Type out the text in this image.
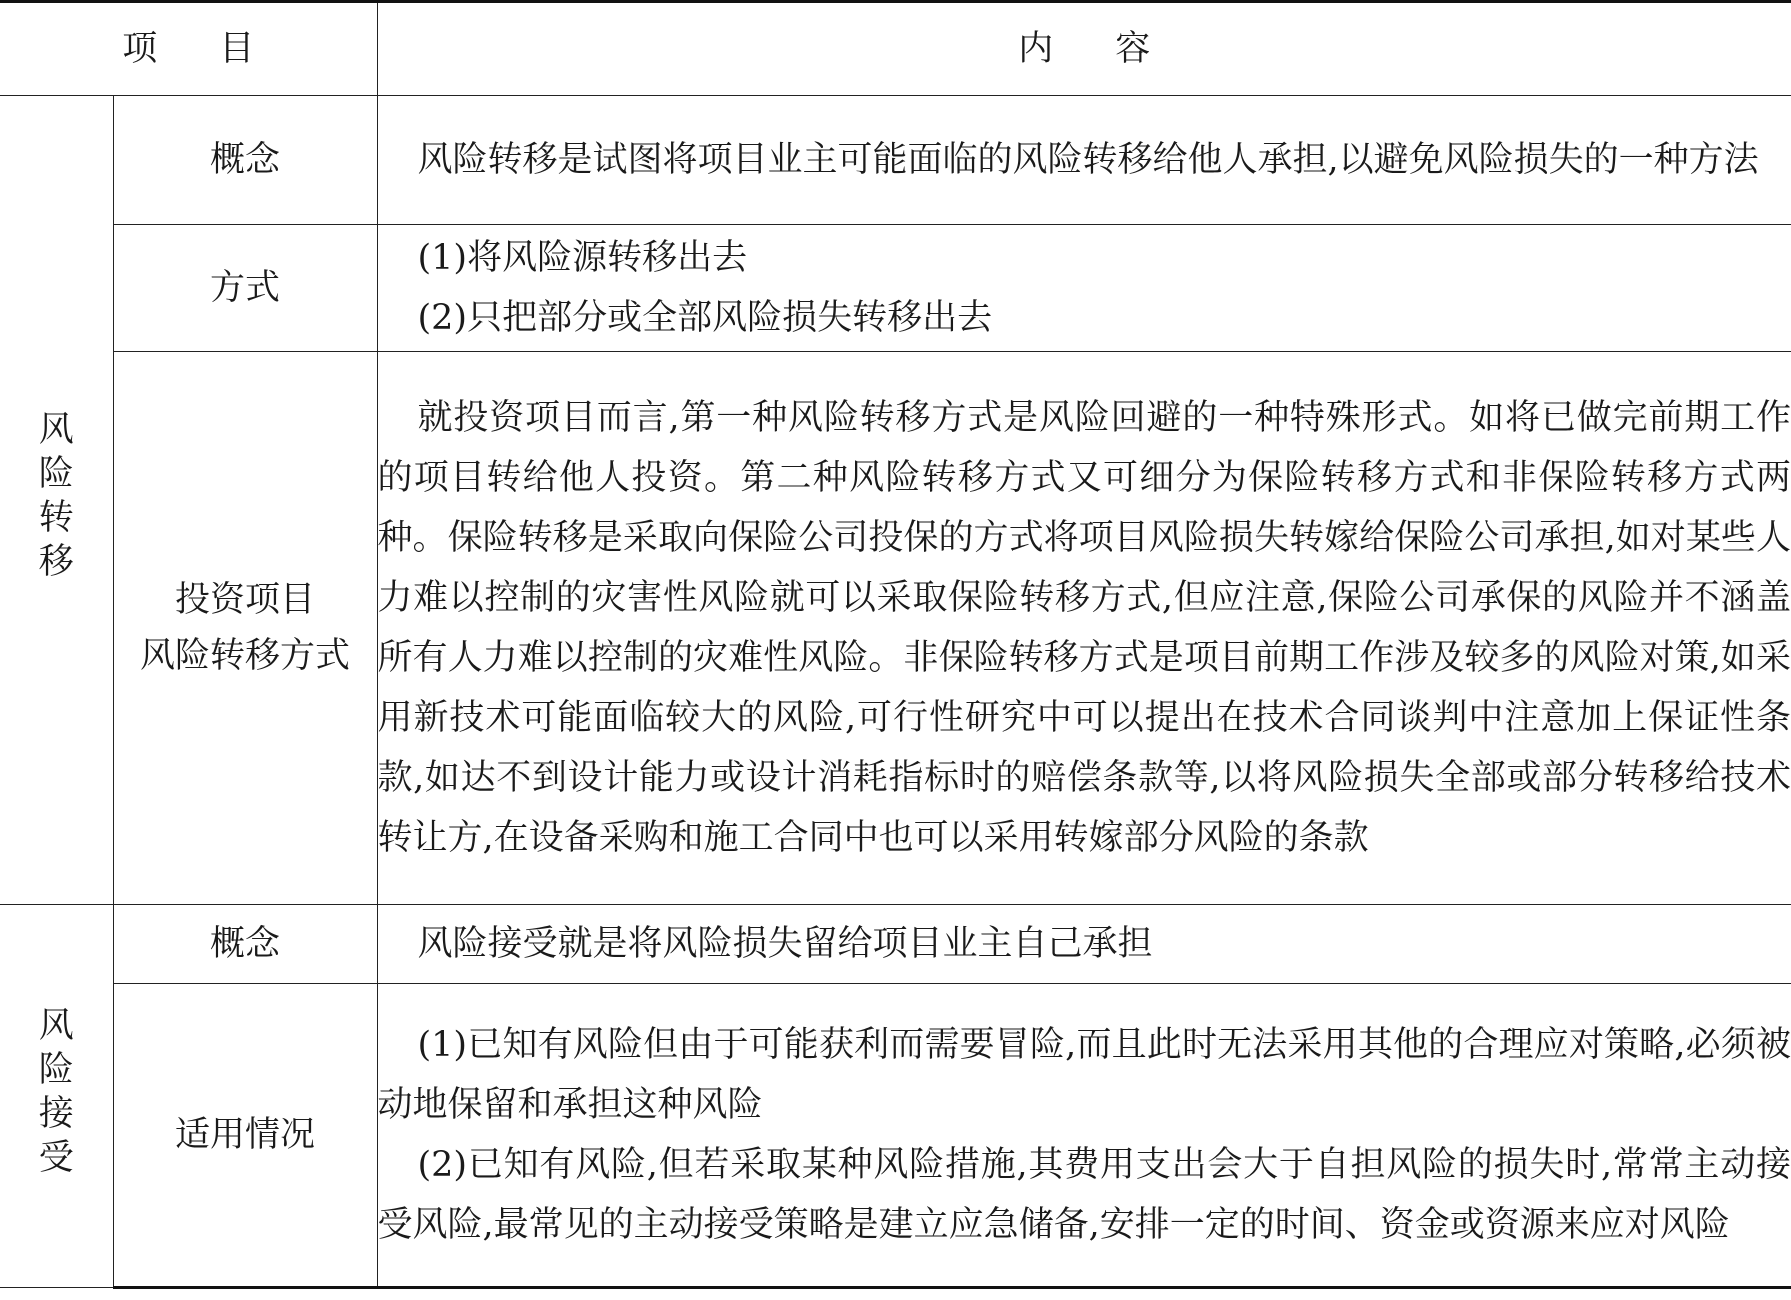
项 目		内 容
风险转移	概念	风险转移是试图将项目业主可能面临的风险转移给他人承担,以避免风险损失的一种方法

	方式	(1)将风险源转移出去
(2)只把部分或全部风险损失转移出去

	投资项目
风险转移方式	就投资项目而言,第一种风险转移方式是风险回避的一种特殊形式。如将已做完前期工作的项目转给他人投资。第二种风险转移方式又可细分为保险转移方式和非保险转移方式两种。保险转移是采取向保险公司投保的方式将项目风险损失转嫁给保险公司承担,如对某些人力难以控制的灾害性风险就可以采取保险转移方式,但应注意,保险公司承保的风险并不涵盖所有人力难以控制的灾难性风险。非保险转移方式是项目前期工作涉及较多的风险对策,如采用新技术可能面临较大的风险,可行性研究中可以提出在技术合同谈判中注意加上保证性条款,如达不到设计能力或设计消耗指标时的赔偿条款等,以将风险损失全部或部分转移给技术转让方,在设备采购和施工合同中也可以采用转嫁部分风险的条款

风险接受	概念	风险接受就是将风险损失留给项目业主自己承担

	适用情况	(1)已知有风险但由于可能获利而需要冒险,而且此时无法采用其他的合理应对策略,必须被动地保留和承担这种风险
(2)已知有风险,但若采取某种风险措施,其费用支出会大于自担风险的损失时,常常主动接受风险,最常见的主动接受策略是建立应急储备,安排一定的时间、资金或资源来应对风险
